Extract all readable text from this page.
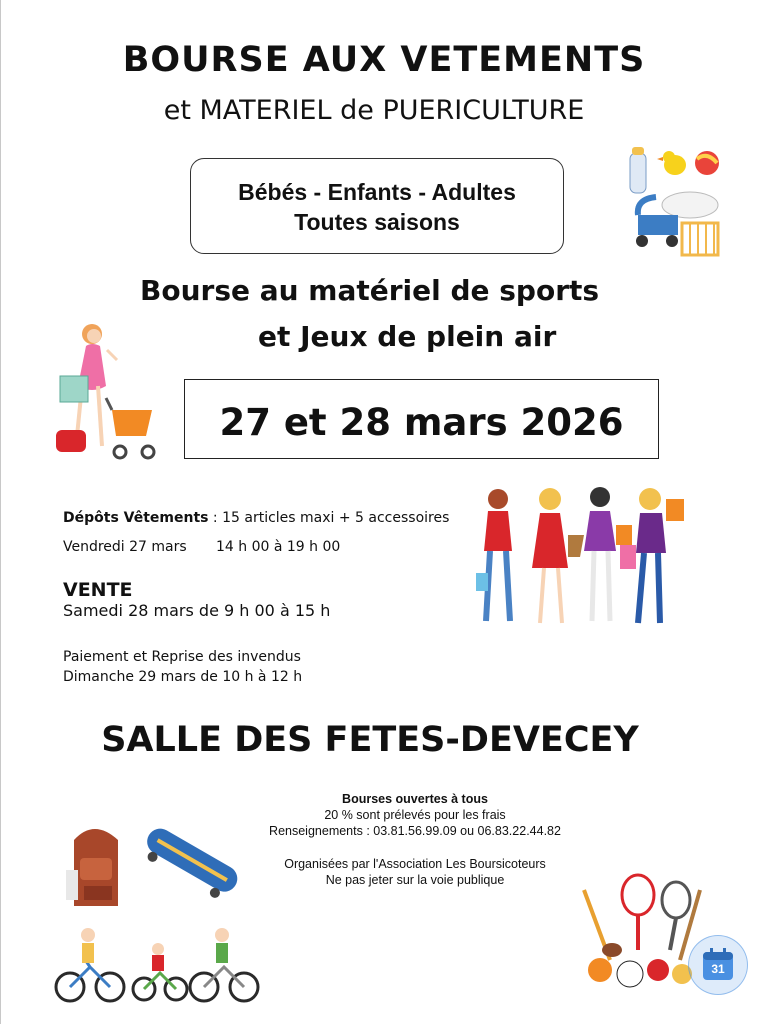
BOURSE AUX VETEMENTS
et MATERIEL de PUERICULTURE
Bébés - Enfants - Adultes
Toutes saisons
Bourse au matériel de sports
et Jeux de plein air
27 et 28 mars 2026
Dépôts Vêtements : 15 articles maxi + 5 accessoires
Vendredi 27 mars 14 h 00 à 19 h 00
VENTE
Samedi 28 mars de 9 h 00 à 15 h
Paiement et Reprise des invendus
Dimanche 29 mars de 10 h à 12 h
SALLE DES FETES-DEVECEY
Bourses ouvertes à tous
20 % sont prélevés pour les frais
Renseignements : 03.81.56.99.09 ou 06.83.22.44.82
Organisées par l'Association Les Boursicoteurs
Ne pas jeter sur la voie publique
31
